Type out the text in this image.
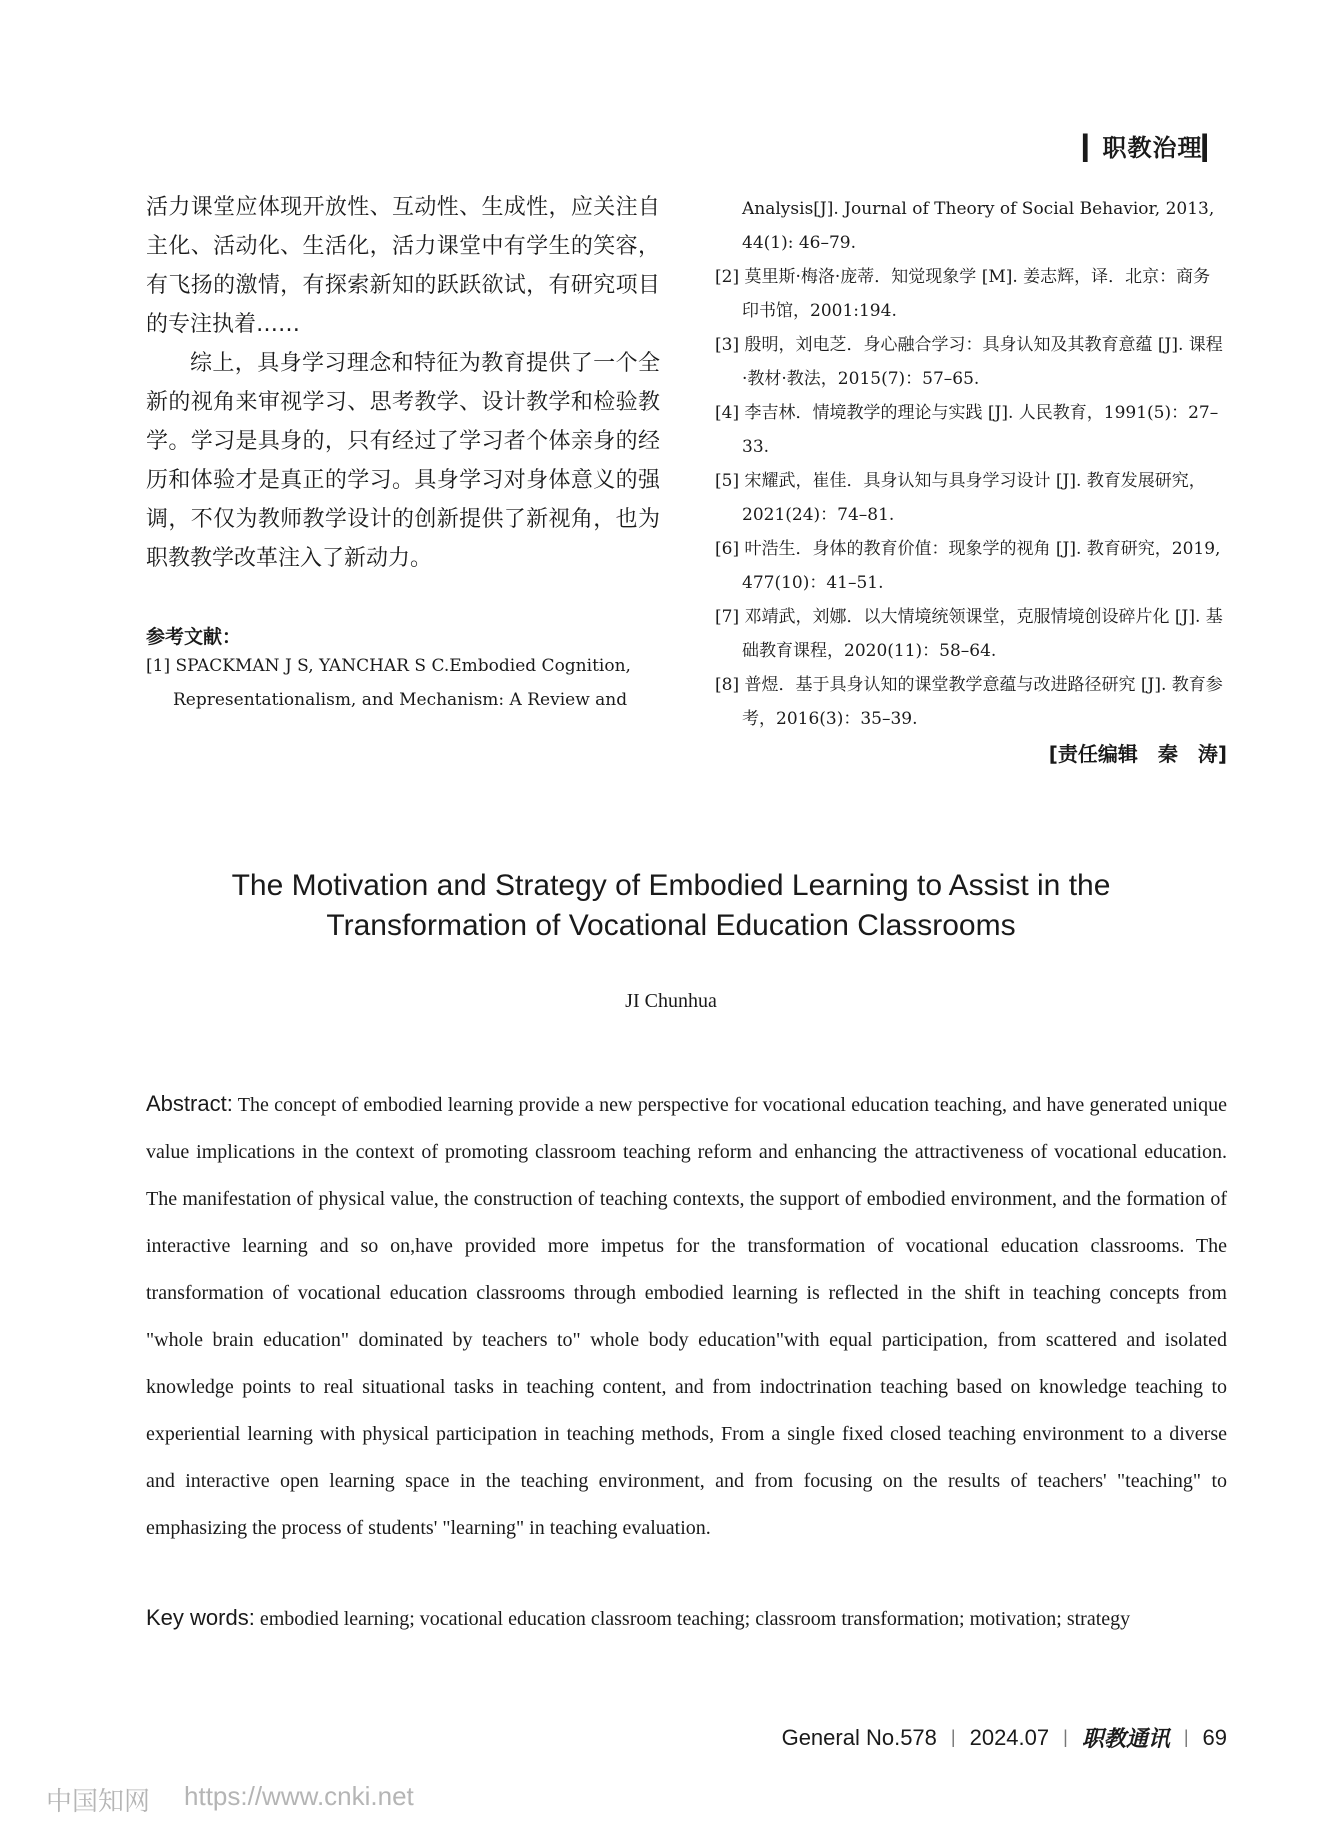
▎职教治理▎

活力课堂应体现开放性、互动性、生成性，应关注自主化、活动化、生活化，活力课堂中有学生的笑容，有飞扬的激情，有探索新知的跃跃欲试，有研究项目的专注执着……

综上，具身学习理念和特征为教育提供了一个全新的视角来审视学习、思考教学、设计教学和检验教学。学习是具身的，只有经过了学习者个体亲身的经历和体验才是真正的学习。具身学习对身体意义的强调，不仅为教师教学设计的创新提供了新视角，也为职教教学改革注入了新动力。

参考文献：

[1] SPACKMAN J S, YANCHAR S C.Embodied Cognition, Representationalism, and Mechanism: A Review and

Analysis[J]. Journal of Theory of Social Behavior, 2013, 44(1): 46–79.

[2] 莫里斯·梅洛·庞蒂．知觉现象学 [M]. 姜志辉，译．北京：商务印书馆，2001:194.

[3] 殷明，刘电芝．身心融合学习：具身认知及其教育意蕴 [J]. 课程·教材·教法，2015(7)：57–65.

[4] 李吉林．情境教学的理论与实践 [J]. 人民教育，1991(5)：27–33.

[5] 宋耀武，崔佳．具身认知与具身学习设计 [J]. 教育发展研究，2021(24)：74–81.

[6] 叶浩生．身体的教育价值：现象学的视角 [J]. 教育研究，2019, 477(10)：41–51.

[7] 邓靖武，刘娜．以大情境统领课堂，克服情境创设碎片化 [J]. 基础教育课程，2020(11)：58–64.

[8] 普煜．基于具身认知的课堂教学意蕴与改进路径研究 [J]. 教育参考，2016(3)：35–39.

[责任编辑　秦　涛]
The Motivation and Strategy of Embodied Learning to Assist in the
Transformation of Vocational Education Classrooms
JI Chunhua

Abstract: The concept of embodied learning provide a new perspective for vocational education teaching, and have generated unique value implications in the context of promoting classroom teaching reform and enhancing the attractiveness of vocational education. The manifestation of physical value, the construction of teaching contexts, the support of embodied environment, and the formation of interactive learning and so on,have provided more impetus for the transformation of vocational education classrooms. The transformation of vocational education classrooms through embodied learning is reflected in the shift in teaching concepts from "whole brain education" dominated by teachers to" whole body education"with equal participation, from scattered and isolated knowledge points to real situational tasks in teaching content, and from indoctrination teaching based on knowledge teaching to experiential learning with physical participation in teaching methods, From a single fixed closed teaching environment to a diverse and interactive open learning space in the teaching environment, and from focusing on the results of teachers' "teaching" to emphasizing the process of students' "learning" in teaching evaluation.

Key words: embodied learning; vocational education classroom teaching; classroom transformation; motivation; strategy

General No.578 | 2024.07 | 职教通讯 | 69
中国知网 https://www.cnki.net
